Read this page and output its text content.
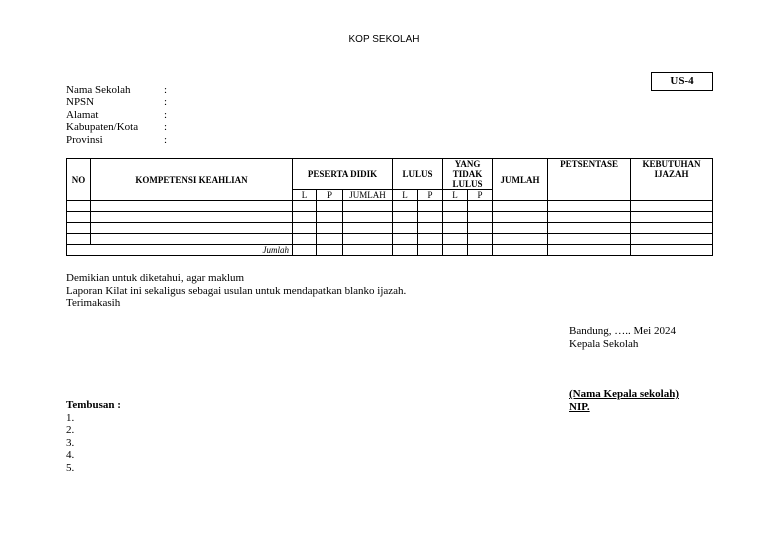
KOP SEKOLAH
US-4
Nama Sekolah	:
NPSN	:
Alamat	:
Kabupaten/Kota :
Provinsi	:
NO	KOMPETENSI KEAHLIAN	PESERTA DIDIK			LULUS		YANG TIDAK LULUS		JUMLAH	PETSENTASE	KEBUTUHAN IJAZAH
		L	P	JUMLAH	L	P	L	P			

Jumlah											
Demikian untuk diketahui, agar maklum
Laporan Kilat ini sekaligus sebagai usulan untuk mendapatkan blanko ijazah.
Terimakasih
Bandung, ….. Mei 2024
Kepala Sekolah
(Nama Kepala sekolah)
NIP.
Tembusan :
1.
2.
3.
4.
5.
